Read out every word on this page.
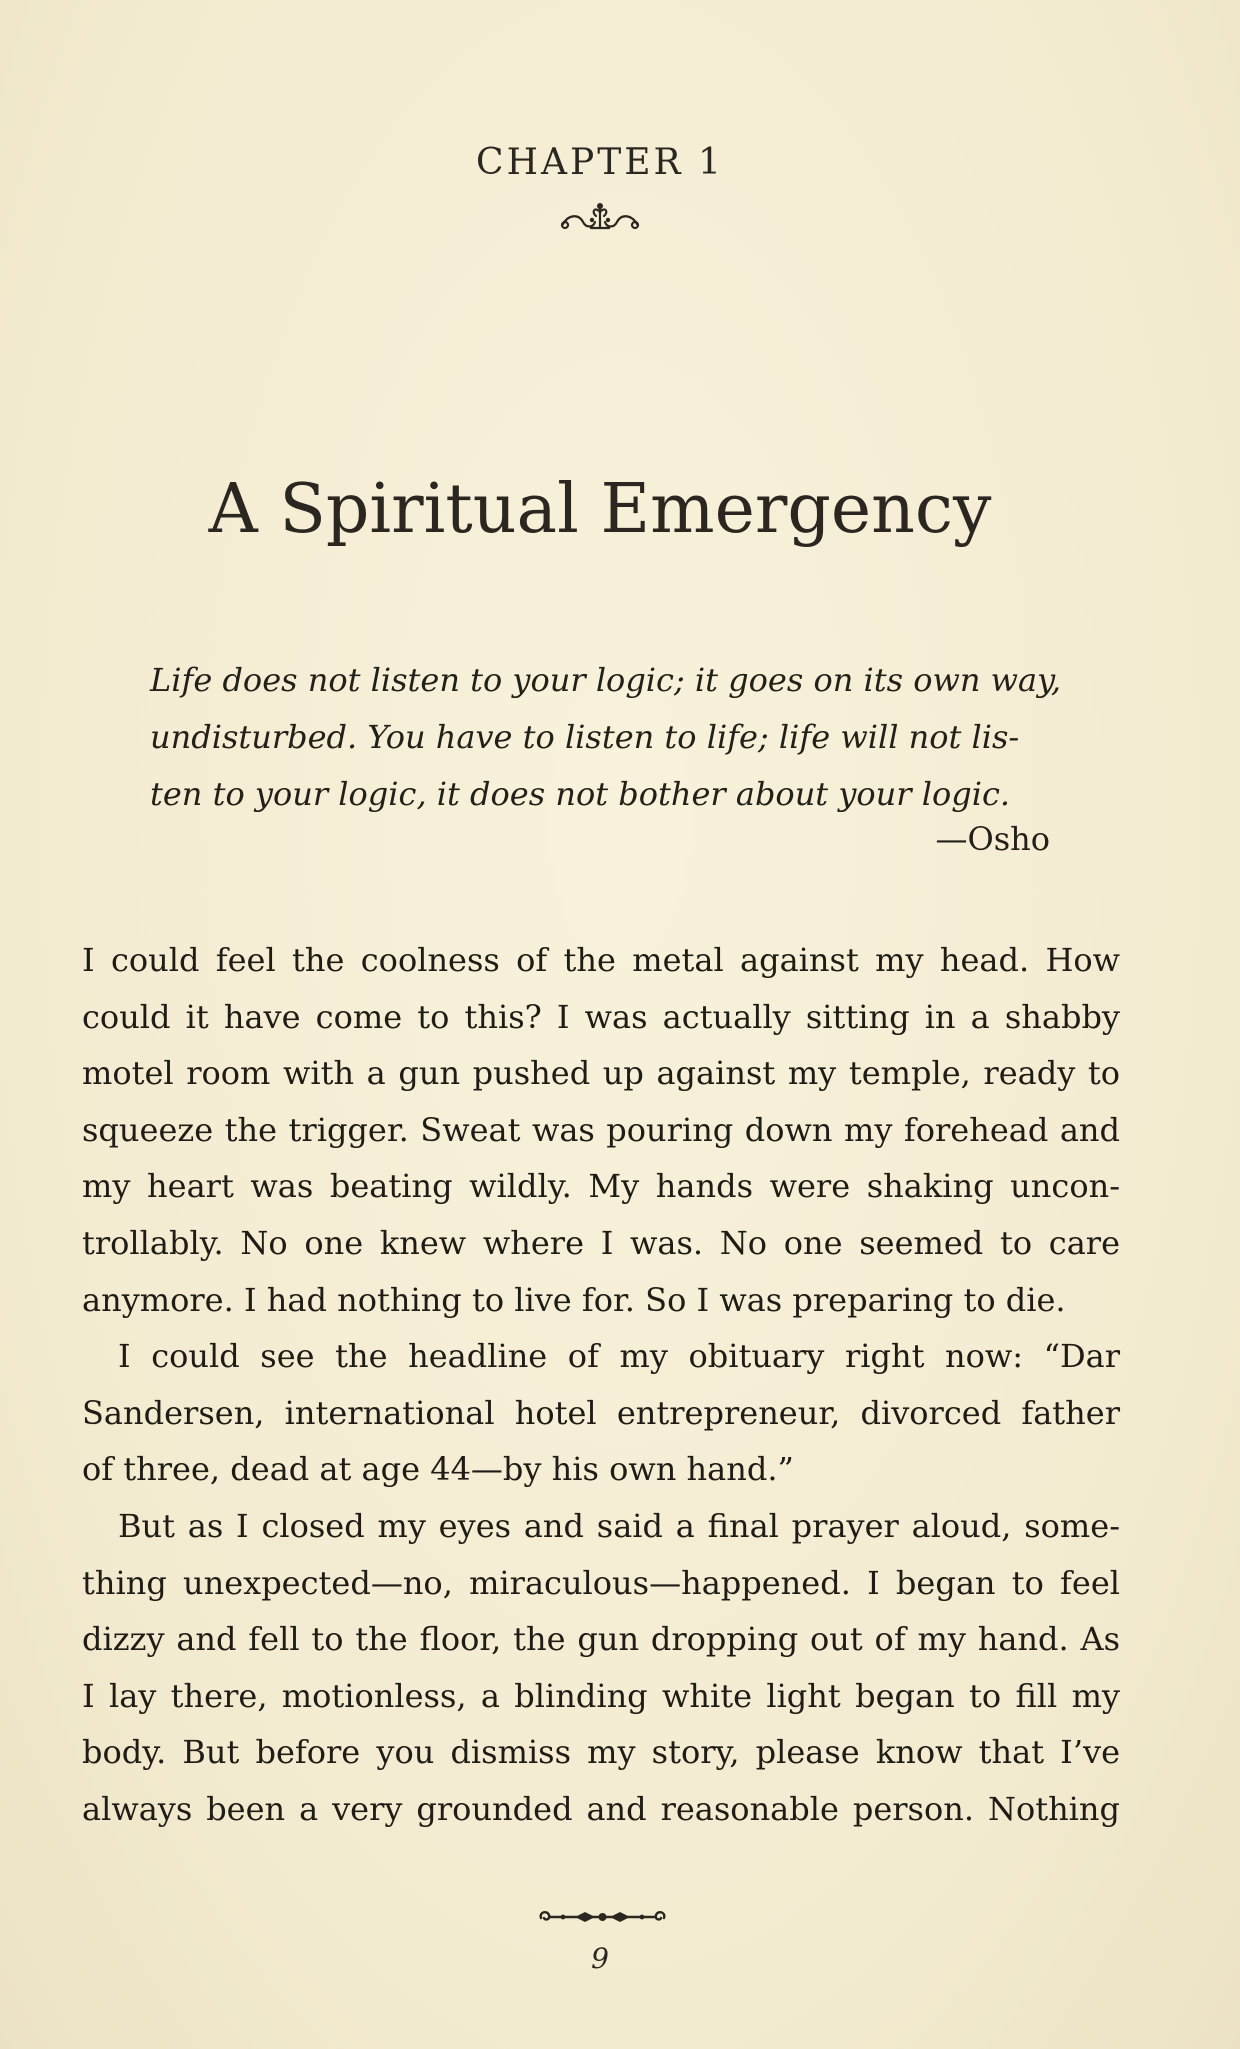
CHAPTER 1
A Spiritual Emergency
Life does not listen to your logic; it goes on its own way,
undisturbed. You have to listen to life; life will not lis-
ten to your logic, it does not bother about your logic.
—Osho
I could feel the coolness of the metal against my head. How
could it have come to this? I was actually sitting in a shabby
motel room with a gun pushed up against my temple, ready to
squeeze the trigger. Sweat was pouring down my forehead and
my heart was beating wildly. My hands were shaking uncon-
trollably. No one knew where I was. No one seemed to care
anymore. I had nothing to live for. So I was preparing to die.
I could see the headline of my obituary right now: “Dar
Sandersen, international hotel entrepreneur, divorced father
of three, dead at age 44—by his own hand.”
But as I closed my eyes and said a final prayer aloud, some-
thing unexpected—no, miraculous—happened. I began to feel
dizzy and fell to the floor, the gun dropping out of my hand. As
I lay there, motionless, a blinding white light began to fill my
body. But before you dismiss my story, please know that I’ve
always been a very grounded and reasonable person. Nothing
9
